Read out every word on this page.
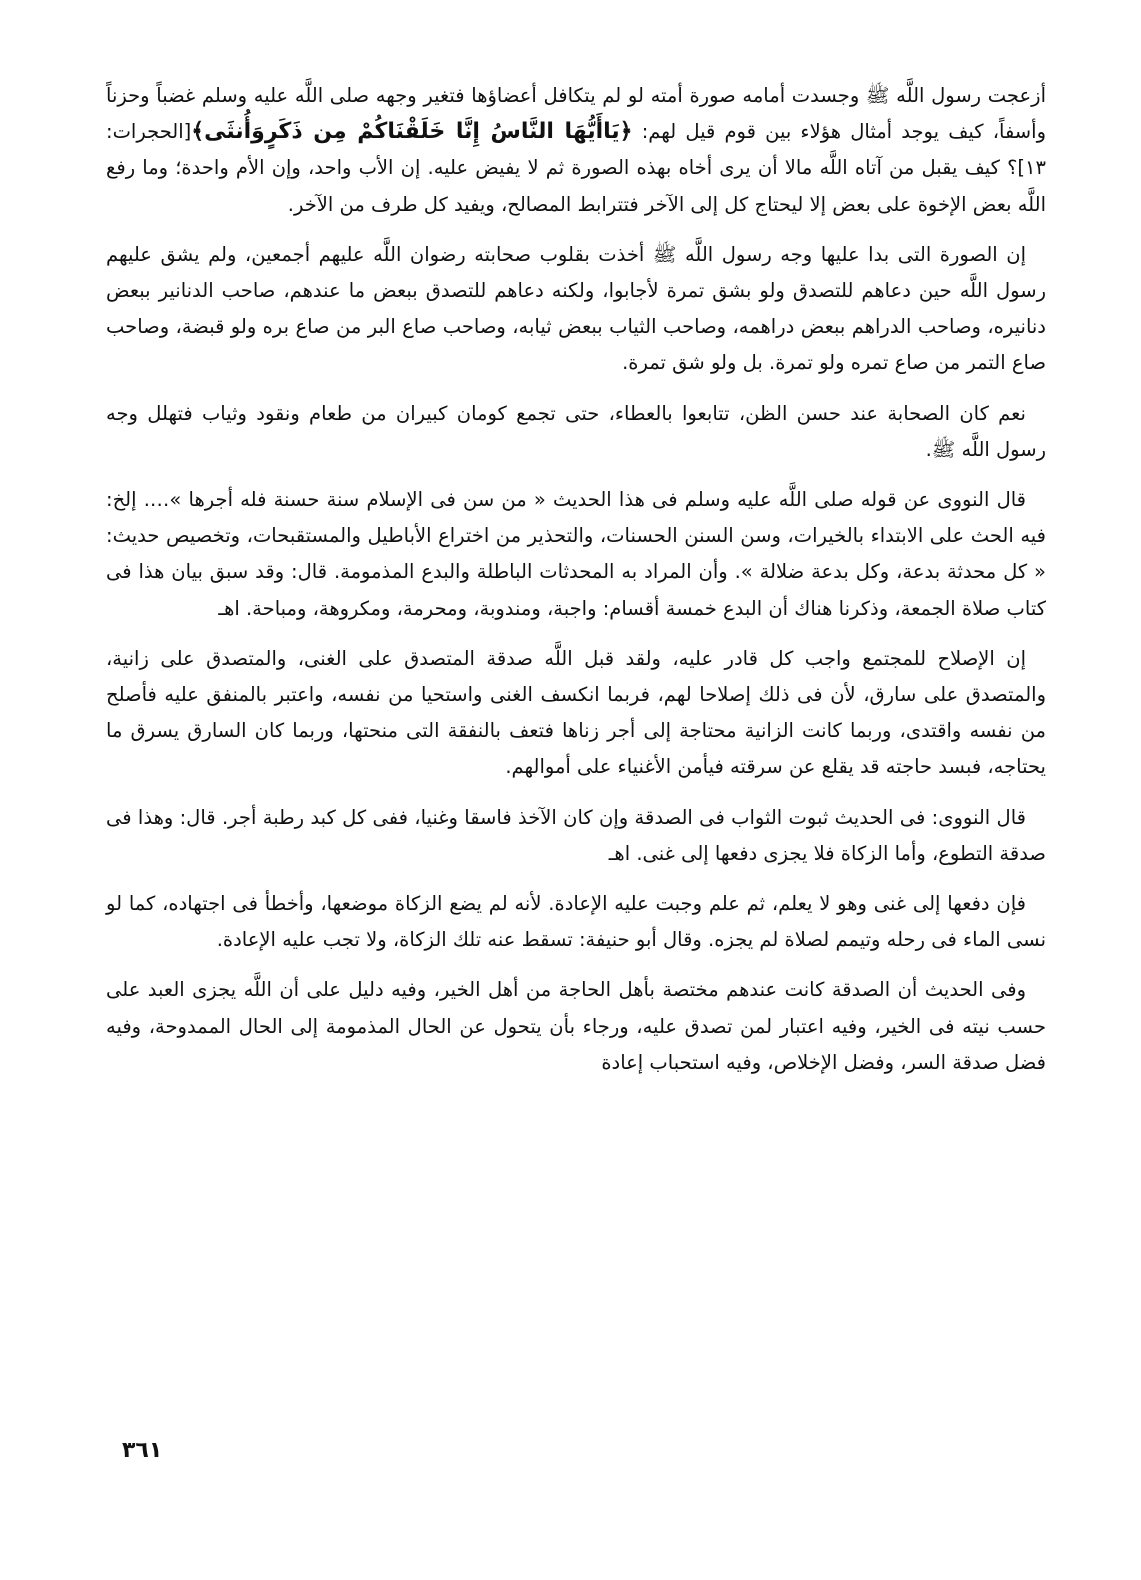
أزعجت رسول اللَّه ﷺ وجسدت أمامه صورة أمته لو لم يتكافل أعضاؤها فتغير وجهه صلى اللَّه عليه وسلم غضباً وحزناً وأسفاً، كيف يوجد أمثال هؤلاء بين قوم قيل لهم: ﴿يَاأَيُّهَا النَّاسُ إِنَّا خَلَقْنَاكُمْ مِن ذَكَرٍوَأُنثَى﴾[الحجرات: ١٣]؟ كيف يقبل من آتاه اللَّه مالا أن يرى أخاه بهذه الصورة ثم لا يفيض عليه. إن الأب واحد، وإن الأم واحدة؛ وما رفع اللَّه بعض الإخوة على بعض إلا ليحتاج كل إلى الآخر فتترابط المصالح، ويفيد كل طرف من الآخر.

إن الصورة التى بدا عليها وجه رسول اللَّه ﷺ أخذت بقلوب صحابته رضوان اللَّه عليهم أجمعين، ولم يشق عليهم رسول اللَّه حين دعاهم للتصدق ولو بشق تمرة لأجابوا، ولكنه دعاهم للتصدق ببعض ما عندهم، صاحب الدنانير ببعض دنانيره، وصاحب الدراهم ببعض دراهمه، وصاحب الثياب ببعض ثيابه، وصاحب صاع البر من صاع بره ولو قبضة، وصاحب صاع التمر من صاع تمره ولو تمرة. بل ولو شق تمرة.

نعم كان الصحابة عند حسن الظن، تتابعوا بالعطاء، حتى تجمع كومان كبيران من طعام ونقود وثياب فتهلل وجه رسول اللَّه ﷺ.

قال النووى عن قوله صلى اللَّه عليه وسلم فى هذا الحديث « من سن فى الإسلام سنة حسنة فله أجرها »…. إلخ: فيه الحث على الابتداء بالخيرات، وسن السنن الحسنات، والتحذير من اختراع الأباطيل والمستقبحات، وتخصيص حديث: « كل محدثة بدعة، وكل بدعة ضلالة ». وأن المراد به المحدثات الباطلة والبدع المذمومة. قال: وقد سبق بيان هذا فى كتاب صلاة الجمعة، وذكرنا هناك أن البدع خمسة أقسام: واجبة، ومندوبة، ومحرمة، ومكروهة، ومباحة. اهـ

إن الإصلاح للمجتمع واجب كل قادر عليه، ولقد قبل اللَّه صدقة المتصدق على الغنى، والمتصدق على زانية، والمتصدق على سارق، لأن فى ذلك إصلاحا لهم، فربما انكسف الغنى واستحيا من نفسه، واعتبر بالمنفق عليه فأصلح من نفسه واقتدى، وربما كانت الزانية محتاجة إلى أجر زناها فتعف بالنفقة التى منحتها، وربما كان السارق يسرق ما يحتاجه، فبسد حاجته قد يقلع عن سرقته فيأمن الأغنياء على أموالهم.

قال النووى: فى الحديث ثبوت الثواب فى الصدقة وإن كان الآخذ فاسقا وغنيا، ففى كل كبد رطبة أجر. قال: وهذا فى صدقة التطوع، وأما الزكاة فلا يجزى دفعها إلى غنى. اهـ

فإن دفعها إلى غنى وهو لا يعلم، ثم علم وجبت عليه الإعادة. لأنه لم يضع الزكاة موضعها، وأخطأ فى اجتهاده، كما لو نسى الماء فى رحله وتيمم لصلاة لم يجزه. وقال أبو حنيفة: تسقط عنه تلك الزكاة، ولا تجب عليه الإعادة.

وفى الحديث أن الصدقة كانت عندهم مختصة بأهل الحاجة من أهل الخير، وفيه دليل على أن اللَّه يجزى العبد على حسب نيته فى الخير، وفيه اعتبار لمن تصدق عليه، ورجاء بأن يتحول عن الحال المذمومة إلى الحال الممدوحة، وفيه فضل صدقة السر، وفضل الإخلاص، وفيه استحباب إعادة

٣٦١
